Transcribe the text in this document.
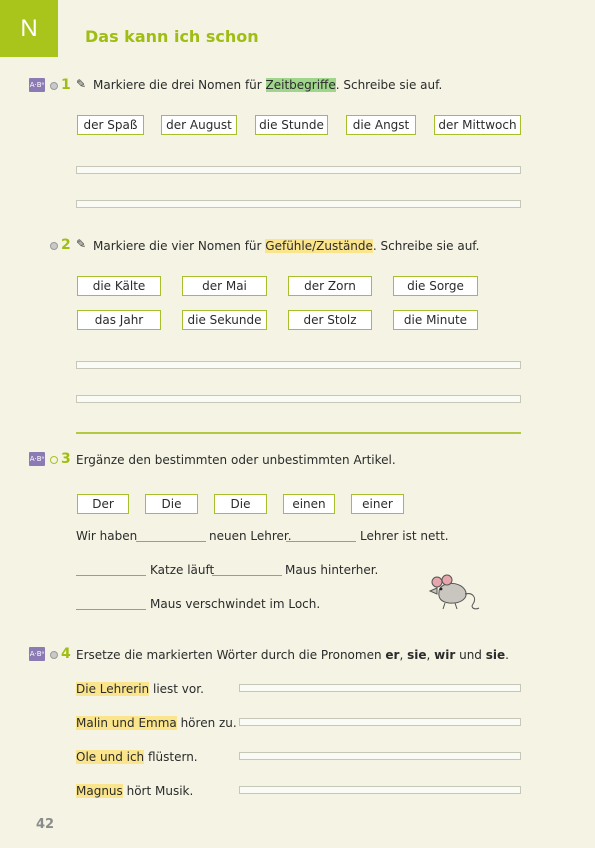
N	Das kann ich schon
A·Bᵃ 1 ✎ Markiere die drei Nomen für Zeitbegriffe. Schreibe sie auf.
der Spaß	der August	die Stunde	die Angst	der Mittwoch
2 ✎ Markiere die vier Nomen für Gefühle/Zustände. Schreibe sie auf.
die Kälte	der Mai	der Zorn	die Sorge
das Jahr	die Sekunde	der Stolz	die Minute
A·Bᵃ 3 Ergänze den bestimmten oder unbestimmten Artikel.
Der	Die	Die	einen	einer
Wir haben	neuen Lehrer.	Lehrer ist nett.
Katze läuft	Maus hinterher.
Maus verschwindet im Loch.
A·Bᵃ 4 Ersetze die markierten Wörter durch die Pronomen er, sie, wir und sie.
Die Lehrerin liest vor.
Malin und Emma hören zu.
Ole und ich flüstern.
Magnus hört Musik.
42
